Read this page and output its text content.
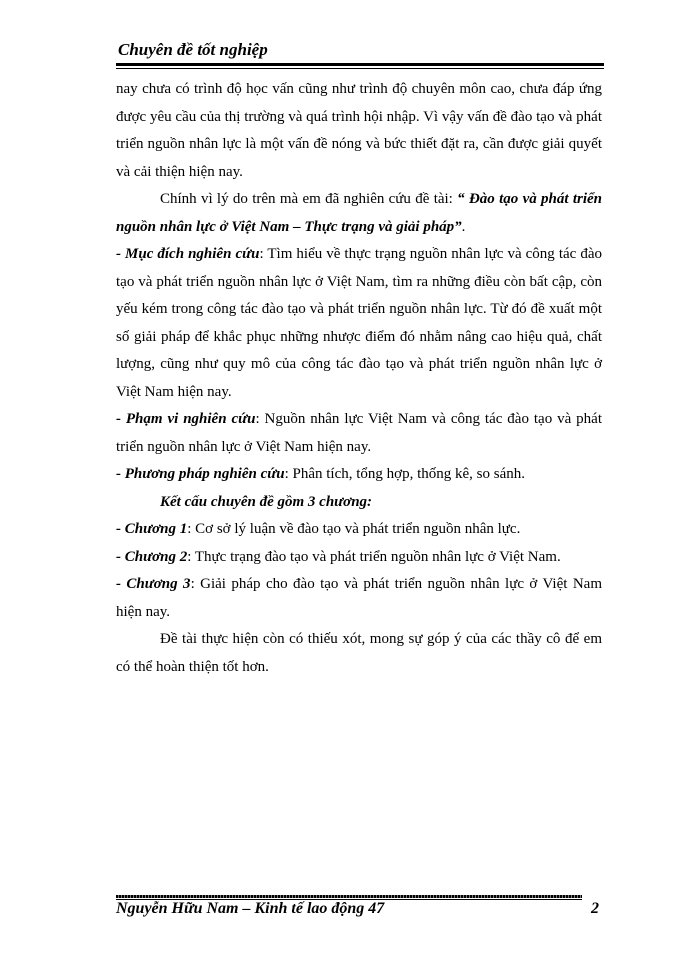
Chuyên đề tốt nghiệp

nay chưa có trình độ học vấn cũng như trình độ chuyên môn cao, chưa đáp ứng được yêu cầu của thị trường và quá trình hội nhập. Vì vậy vấn đề đào tạo và phát triển nguồn nhân lực là một vấn đề nóng và bức thiết đặt ra, cần được giải quyết và cải thiện hiện nay.

Chính vì lý do trên mà em đã nghiên cứu đề tài: “ Đào tạo và phát triển nguồn nhân lực ở Việt Nam – Thực trạng và giải pháp”.

- Mục đích nghiên cứu: Tìm hiểu về thực trạng nguồn nhân lực và công tác đào tạo và phát triển nguồn nhân lực ở Việt Nam, tìm ra những điều còn bất cập, còn yếu kém trong công tác đào tạo và phát triển nguồn nhân lực. Từ đó đề xuất một số giải pháp để khắc phục những nhược điểm đó nhằm nâng cao hiệu quả, chất lượng, cũng như quy mô của công tác đào tạo và phát triển nguồn nhân lực ở Việt Nam hiện nay.

- Phạm vi nghiên cứu: Nguồn nhân lực Việt Nam và công tác đào tạo và phát triển nguồn nhân lực ở Việt Nam hiện nay.

- Phương pháp nghiên cứu: Phân tích, tổng hợp, thống kê, so sánh.

Kết cấu chuyên đề gồm 3 chương:

- Chương 1: Cơ sở lý luận về đào tạo và phát triển nguồn nhân lực.

- Chương 2: Thực trạng đào tạo và phát triển nguồn nhân lực ở Việt Nam.

- Chương 3: Giải pháp cho đào tạo và phát triển nguồn nhân lực ở Việt Nam hiện nay.

Đề tài thực hiện còn có thiếu xót, mong sự góp ý của các thầy cô để em có thể hoàn thiện tốt hơn.

Nguyễn Hữu Nam – Kinh tế lao động 47	2
